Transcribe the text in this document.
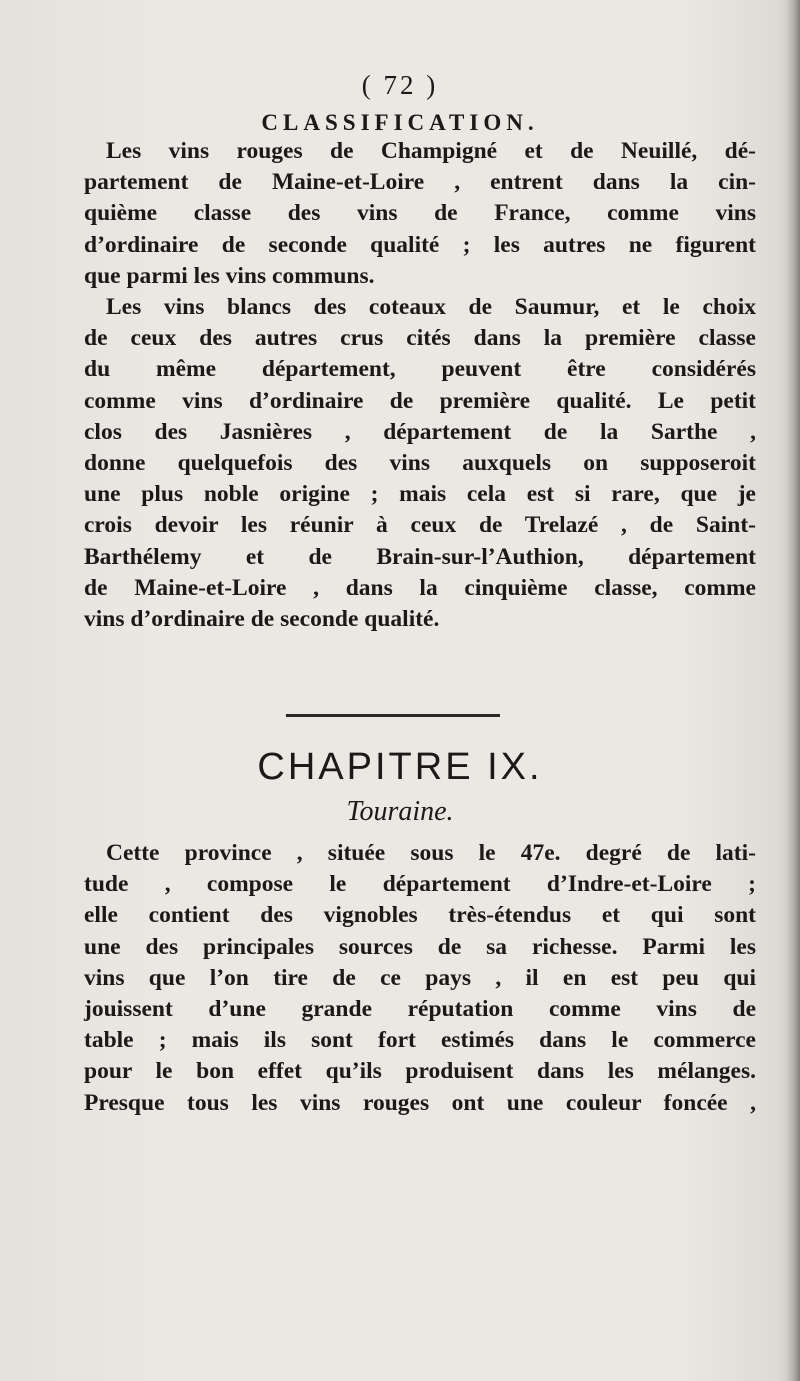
( 72 )
CLASSIFICATION.
Les vins rouges de Champigné et de Neuillé, dé-
partement de Maine-et-Loire , entrent dans la cin-
quième classe des vins de France, comme vins
d’ordinaire de seconde qualité ; les autres ne figurent
que parmi les vins communs.
Les vins blancs des coteaux de Saumur, et le choix
de ceux des autres crus cités dans la première classe
du même département, peuvent être considérés
comme vins d’ordinaire de première qualité. Le petit
clos des Jasnières , département de la Sarthe ,
donne quelquefois des vins auxquels on supposeroit
une plus noble origine ; mais cela est si rare, que je
crois devoir les réunir à ceux de Trelazé , de Saint-
Barthélemy et de Brain-sur-l’Authion, département
de Maine-et-Loire , dans la cinquième classe, comme
vins d’ordinaire de seconde qualité.
CHAPITRE IX.
Touraine.
Cette province , située sous le 47e. degré de lati-
tude , compose le département d’Indre-et-Loire ;
elle contient des vignobles très-étendus et qui sont
une des principales sources de sa richesse. Parmi les
vins que l’on tire de ce pays , il en est peu qui
jouissent d’une grande réputation comme vins de
table ; mais ils sont fort estimés dans le commerce
pour le bon effet qu’ils produisent dans les mélanges.
Presque tous les vins rouges ont une couleur foncée ,
